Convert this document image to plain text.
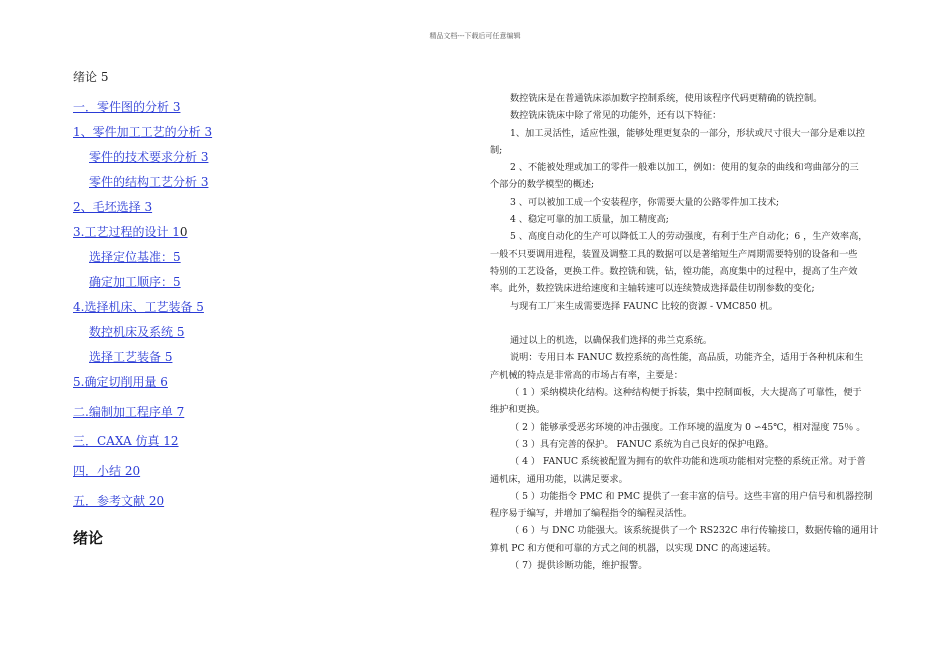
精品文档---下载后可任意编辑
绪论 5
一．零件图的分析 3
1、零件加工工艺的分析 3
零件的技术要求分析 3
零件的结构工艺分析 3
2、毛坯选择 3
3.工艺过程的设计 10
选择定位基准：5
确定加工顺序：5
4.选择机床、工艺装备 5
数控机床及系统 5
选择工艺装备 5
5.确定切削用量 6
二.编制加工程序单 7
三．CAXA 仿真 12
四．小结 20
五．参考文献 20
绪论
数控铣床是在普通铣床添加数字控制系统，使用该程序代码更精确的铣控制。
数控铣床铣床中除了常见的功能外，还有以下特征：
1、加工灵活性，适应性强，能够处理更复杂的一部分，形状或尺寸很大一部分是难以控
制;
2 、不能被处理或加工的零件一般难以加工，例如：使用的复杂的曲线和弯曲部分的三
个部分的数学模型的概述;
3 、可以被加工成一个安装程序，你需要大量的公路零件加工技术;
4 、稳定可靠的加工质量，加工精度高;
5 、高度自动化的生产可以降低工人的劳动强度，有利于生产自动化；6 ，生产效率高，
一般不只要调用进程，装置及调整工具的数据可以是著缩短生产周期需要特别的设备和一些
特别的工艺设备，更换工件。数控铣和铣，钻，镗功能，高度集中的过程中，提高了生产效
率。此外，数控铣床进给速度和主轴转速可以连续赞成选择最佳切削参数的变化;
与现有工厂来生成需要选择 FAUNC 比较的资源 - VMC850 机。

通过以上的机选，以确保我们选择的弗兰克系统。
说明：专用日本 FANUC 数控系统的高性能，高品质，功能齐全，适用于各种机床和生
产机械的特点是非常高的市场占有率，主要是：
（ 1 ）采纳模块化结构。这种结构便于拆装，集中控制面板，大大提高了可靠性，便于
维护和更换。
（ 2 ）能够承受恶劣环境的冲击强度。工作环境的温度为 0 ∽45℃，相对湿度 75％ 。
（ 3 ）具有完善的保护。 FANUC 系统为自己良好的保护电路。
（ 4 ） FANUC 系统被配置为拥有的软件功能和选项功能相对完整的系统正常。对于普
通机床，通用功能，以满足要求。
（ 5 ）功能指令 PMC 和 PMC 提供了一套丰富的信号。这些丰富的用户信号和机器控制
程序易于编写，并增加了编程指令的编程灵活性。
（ 6 ）与 DNC 功能强大。该系统提供了一个 RS232C 串行传输接口，数据传输的通用计
算机 PC 和方便和可靠的方式之间的机器，以实现 DNC 的高速运转。
（ 7）提供诊断功能，维护报警。
